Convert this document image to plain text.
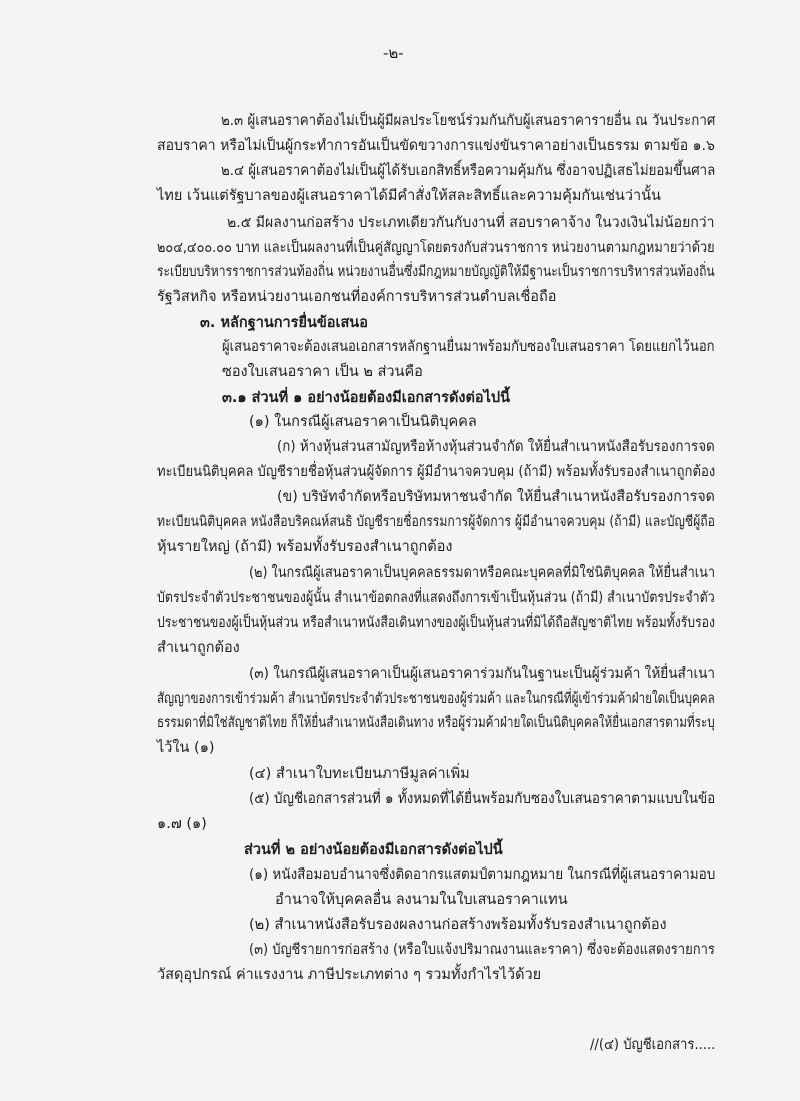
-๒-
๒.๓ ผู้เสนอราคาต้องไม่เป็นผู้มีผลประโยชน์ร่วมกันกับผู้เสนอราคารายอื่น ณ วันประกาศ
สอบราคา หรือไม่เป็นผู้กระทำการอันเป็นขัดขวางการแข่งขันราคาอย่างเป็นธรรม ตามข้อ ๑.๖
๒.๔ ผู้เสนอราคาต้องไม่เป็นผู้ได้รับเอกสิทธิ์หรือความคุ้มกัน ซึ่งอาจปฏิเสธไม่ยอมขึ้นศาล
ไทย เว้นแต่รัฐบาลของผู้เสนอราคาได้มีคำสั่งให้สละสิทธิ์และความคุ้มกันเช่นว่านั้น
๒.๕ มีผลงานก่อสร้าง ประเภทเดียวกันกับงานที่ สอบราคาจ้าง ในวงเงินไม่น้อยกว่า
๒๐๔,๔๐๐.๐๐ บาท และเป็นผลงานที่เป็นคู่สัญญาโดยตรงกับส่วนราชการ หน่วยงานตามกฎหมายว่าด้วย
ระเบียบบริหารราชการส่วนท้องถิ่น หน่วยงานอื่นซึ่งมีกฎหมายบัญญัติให้มีฐานะเป็นราชการบริหารส่วนท้องถิ่น
รัฐวิสหกิจ หรือหน่วยงานเอกชนที่องค์การบริหารส่วนตำบลเชื่อถือ
๓. หลักฐานการยื่นข้อเสนอ
ผู้เสนอราคาจะต้องเสนอเอกสารหลักฐานยื่นมาพร้อมกับซองใบเสนอราคา โดยแยกไว้นอก
ซองใบเสนอราคา เป็น ๒ ส่วนคือ
๓.๑ ส่วนที่ ๑ อย่างน้อยต้องมีเอกสารดังต่อไปนี้
(๑) ในกรณีผู้เสนอราคาเป็นนิติบุคคล
(ก) ห้างหุ้นส่วนสามัญหรือห้างหุ้นส่วนจำกัด ให้ยื่นสำเนาหนังสือรับรองการจด
ทะเบียนนิติบุคคล บัญชีรายชื่อหุ้นส่วนผู้จัดการ ผู้มีอำนาจควบคุม (ถ้ามี) พร้อมทั้งรับรองสำเนาถูกต้อง
(ข) บริษัทจำกัดหรือบริษัทมหาชนจำกัด ให้ยื่นสำเนาหนังสือรับรองการจด
ทะเบียนนิติบุคคล หนังสือบริคณห์สนธิ บัญชีรายชื่อกรรมการผู้จัดการ ผู้มีอำนาจควบคุม (ถ้ามี) และบัญชีผู้ถือ
หุ้นรายใหญ่ (ถ้ามี) พร้อมทั้งรับรองสำเนาถูกต้อง
(๒) ในกรณีผู้เสนอราคาเป็นบุคคลธรรมดาหรือคณะบุคคลที่มิใช่นิติบุคคล ให้ยื่นสำเนา
บัตรประจำตัวประชาชนของผู้นั้น สำเนาข้อตกลงที่แสดงถึงการเข้าเป็นหุ้นส่วน (ถ้ามี) สำเนาบัตรประจำตัว
ประชาชนของผู้เป็นหุ้นส่วน หรือสำเนาหนังสือเดินทางของผู้เป็นหุ้นส่วนที่มิได้ถือสัญชาติไทย พร้อมทั้งรับรอง
สำเนาถูกต้อง
(๓) ในกรณีผู้เสนอราคาเป็นผู้เสนอราคาร่วมกันในฐานะเป็นผู้ร่วมค้า ให้ยื่นสำเนา
สัญญาของการเข้าร่วมค้า สำเนาบัตรประจำตัวประชาชนของผู้ร่วมค้า และในกรณีที่ผู้เข้าร่วมค้าฝ่ายใดเป็นบุคคล
ธรรมดาที่มิใช่สัญชาติไทย ก็ให้ยื่นสำเนาหนังสือเดินทาง หรือผู้ร่วมค้าฝ่ายใดเป็นนิติบุคคลให้ยื่นเอกสารตามที่ระบุ
ไว้ใน (๑)
(๔) สำเนาใบทะเบียนภาษีมูลค่าเพิ่ม
(๕) บัญชีเอกสารส่วนที่ ๑ ทั้งหมดที่ได้ยื่นพร้อมกับซองใบเสนอราคาตามแบบในข้อ
๑.๗ (๑)
ส่วนที่ ๒ อย่างน้อยต้องมีเอกสารดังต่อไปนี้
(๑) หนังสือมอบอำนาจซึ่งติดอากรแสตมป์ตามกฎหมาย ในกรณีที่ผู้เสนอราคามอบ
อำนาจให้บุคคลอื่น ลงนามในใบเสนอราคาแทน
(๒) สำเนาหนังสือรับรองผลงานก่อสร้างพร้อมทั้งรับรองสำเนาถูกต้อง
(๓) บัญชีรายการก่อสร้าง (หรือใบแจ้งปริมาณงานและราคา) ซึ่งจะต้องแสดงรายการ
วัสดุอุปกรณ์ ค่าแรงงาน ภาษีประเภทต่าง ๆ รวมทั้งกำไรไว้ด้วย
//(๔) บัญชีเอกสาร.....
